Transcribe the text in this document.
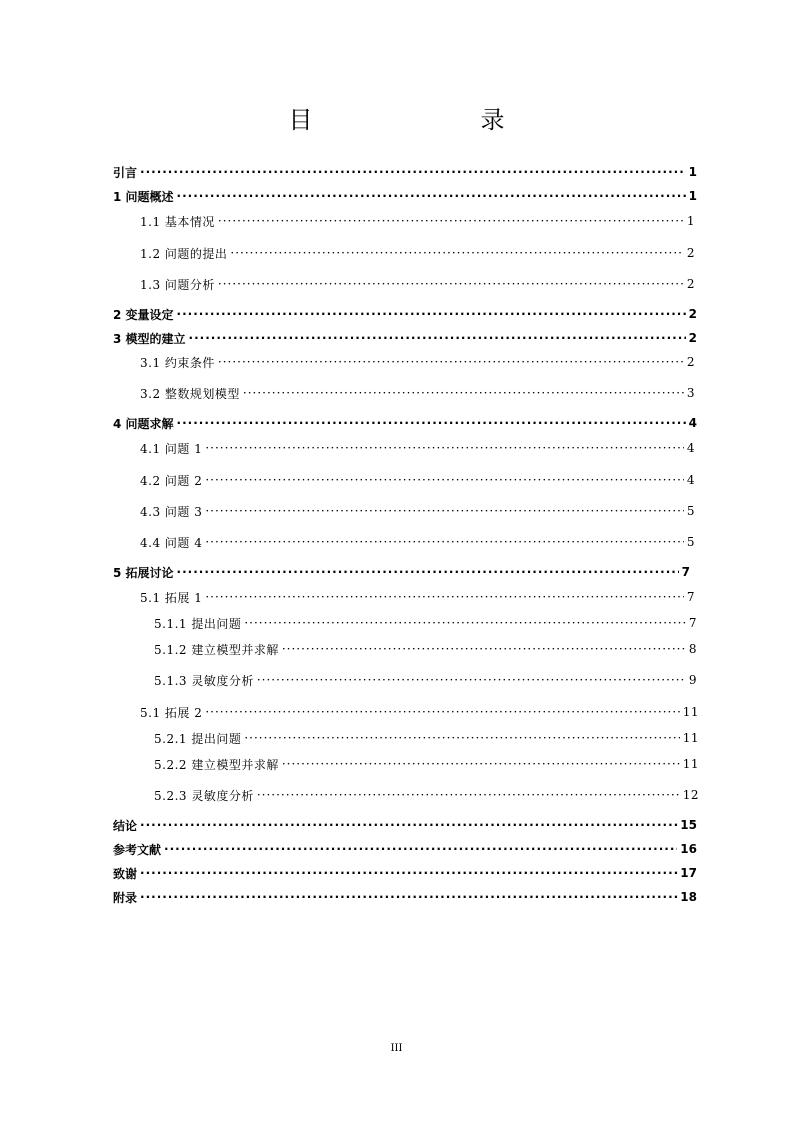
目　　录
引言 ·····	1
1 问题概述 ·····	1
1.1 基本情况 ·····	1
1.2 问题的提出 ·····	2
1.3 问题分析 ·····	2
2 变量设定 ·····	2
3 模型的建立 ·····	2
3.1 约束条件 ·····	2
3.2 整数规划模型 ·····	3
4 问题求解 ·····	4
4.1 问题 1 ·····	4
4.2 问题 2 ·····	4
4.3 问题 3 ·····	5
4.4 问题 4 ·····	5
5 拓展讨论 ·····	7
5.1 拓展 1 ·····	7
5.1.1 提出问题 ·····	7
5.1.2 建立模型并求解 ·····	8
5.1.3 灵敏度分析 ·····	9
5.1 拓展 2 ·····	11
5.2.1 提出问题 ·····	11
5.2.2 建立模型并求解 ·····	11
5.2.3 灵敏度分析 ·····	12
结论 ·····	15
参考文献 ·····	16
致谢 ·····	17
附录 ·····	18
III
